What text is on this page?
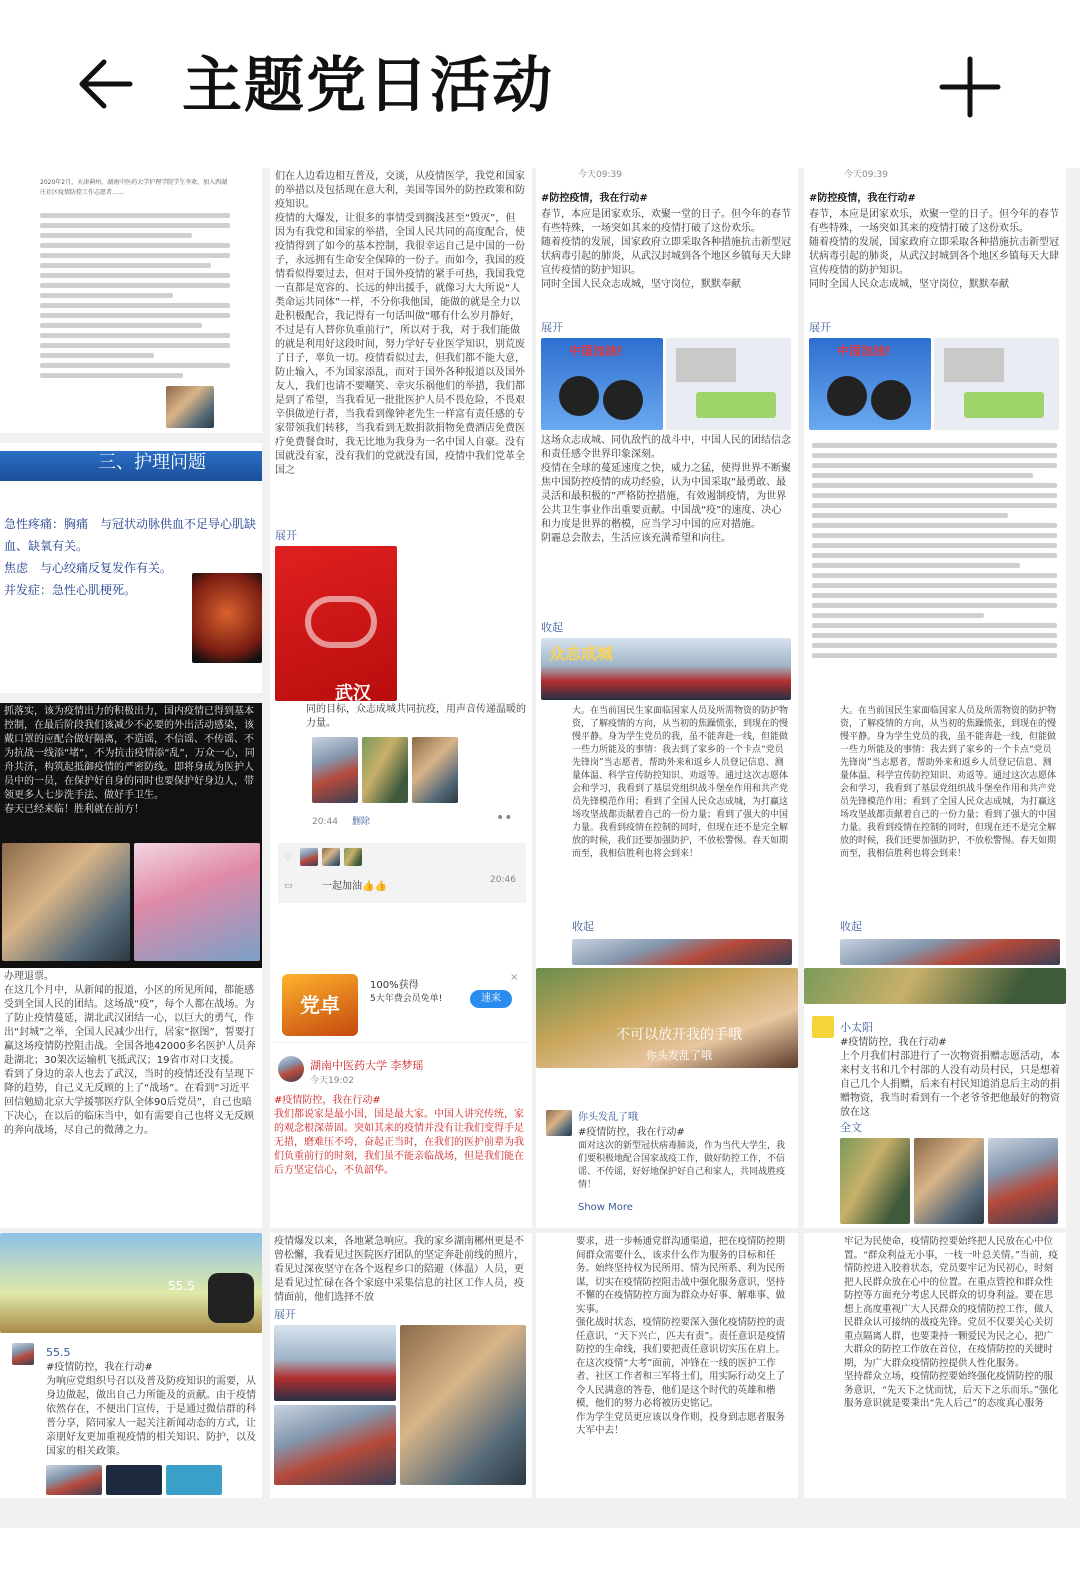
主题党日活动
2020年2月，天津蓟州，湖南中医药大学护理学院学生李欢，加入西湖庄社区疫情防控工作志愿者……
们在人边看边相互普及，交谈，从疫情医学，我党和国家的举措以及包括现在意大利，美国等国外的防控政策和防疫知识。
疫情的大爆发，让很多的事情受到搁浅甚至“毁灭”，但因为有我党和国家的举措，全国人民共同的高度配合，使疫情得到了如今的基本控制，我很幸运自己是中国的一份子，永远拥有生命安全保障的一份子。而如今，我国的疫情看似得要过去，但对于国外疫情的紧手可热，我国我党一直都是宽容的、长远的伸出援手，就像习大大所说“人类命运共同体”一样，不分你我他国，能做的就是全力以赴积极配合，我记得有一句话叫做“哪有什么岁月静好，不过是有人替你负重前行”，所以对于我，对于我们能做的就是利用好这段时间，努力学好专业医学知识，别荒废了日子，辜负一切。疫情看似过去，但我们都不能大意，防止输入，不为国家添乱，而对于国外各种报道以及国外友人，我们也请不要嘲笑、幸灾乐祸他们的举措，我们都是到了希望，当我看见一批批医护人员不畏危险，不畏艰辛俱做逆行者，当我看到像钟老先生一样富有责任感的专家带领我们转移，当我看到无数捐款捐物免费酒店免费医疗免费餐食时，我无比地为我身为一名中国人自豪。没有国就没有家，没有我们的党就没有国，疫情中我们党革全国之
展开
武汉
今天09:39
#防控疫情，我在行动#
春节，本应是团家欢乐，欢聚一堂的日子。但今年的春节有些特殊，一场突如其来的疫情打破了这份欢乐。
随着疫情的发展，国家政府立即采取各种措施抗击新型冠状病毒引起的肺炎，从武汉封城到各个地区乡镇每天大肆宣传疫情的防护知识。
同时全国人民众志成城，坚守岗位，默默奉献
展开
中国加油!
这场众志成城、同仇敌忾的战斗中，中国人民的团结信念和责任感令世界印象深刻。
疫情在全球的蔓延速度之快，威力之猛，使得世界不断聚焦中国防控疫情的成功经验，认为中国采取“最勇敢、最灵活和最积极的”严格防控措施，有效遏制疫情，为世界公共卫生事业作出重要贡献。中国战“疫”的速度、决心和力度是世界的楷模，应当学习中国的应对措施。
阴霾总会散去，生活应该充满希望和向往。
收起
众志成城
今天09:39
#防控疫情，我在行动#
春节，本应是团家欢乐，欢聚一堂的日子。但今年的春节有些特殊，一场突如其来的疫情打破了这份欢乐。
随着疫情的发展，国家政府立即采取各种措施抗击新型冠状病毒引起的肺炎，从武汉封城到各个地区乡镇每天大肆宣传疫情的防护知识。
同时全国人民众志成城，坚守岗位，默默奉献
展开
中国加油!
三、护理问题
急性疼痛：胸痛　与冠状动脉供血不足导心肌缺血、缺氧有关。
焦虑　与心绞痛反复发作有关。
并发症：急性心肌梗死。
抓落实，该为疫情出力的积极出力，国内疫情已得到基本控制，在最后阶段我们该减少不必要的外出活动感染，该戴口罩的应配合做好隔离，不造谣，不信谣、不传谣、不为抗战一线添“堵”，不为抗击疫情添“乱”，万众一心，同舟共济，构筑起抵御疫情的严密防线。即将身成为医护人员中的一员，在保护好自身的同时也要保护好身边人，带领更多人七步洗手法、做好手卫生。
春天已经来临！胜利就在前方！
同的目标，众志成城共同抗疫，用声音传递温暖的力量。
20:44 删除	••
♡
▭	一起加油👍👍
20:46
大。在当前国民生家面临国家人员及所需物资的防护物资，了解疫情的方向，从当初的焦躁慌张，到现在的慢慢平静。身为学生党员的我，虽不能奔赴一线，但能做一些力所能及的事情：我去到了家乡的一个卡点“党员先锋岗”当志愿者，帮助外来和返乡人员登记信息、测量体温、科学宣传防控知识、劝返等。通过这次志愿体会和学习，我看到了基层党组织战斗堡垒作用和共产党员先锋模范作用；看到了全国人民众志成城，为打赢这场攻坚战都贡献着自己的一份力量；看到了强大的中国力量。我看到疫情在控制的同时，但现在还不是完全解放的时候，我们还要加强防护，不放松警惕。春天如期而至，我相信胜利也将会到来！
收起
大。在当前国民生家面临国家人员及所需物资的防护物资，了解疫情的方向，从当初的焦躁慌张，到现在的慢慢平静。身为学生党员的我，虽不能奔赴一线，但能做一些力所能及的事情：我去到了家乡的一个卡点“党员先锋岗”当志愿者，帮助外来和返乡人员登记信息、测量体温、科学宣传防控知识、劝返等。通过这次志愿体会和学习，我看到了基层党组织战斗堡垒作用和共产党员先锋模范作用；看到了全国人民众志成城，为打赢这场攻坚战都贡献着自己的一份力量；看到了强大的中国力量。我看到疫情在控制的同时，但现在还不是完全解放的时候，我们还要加强防护，不放松警惕。春天如期而至，我相信胜利也将会到来！
收起
办理退票。
在这几个月中，从新闻的报道，小区的所见所闻，都能感受到全国人民的团结。这场战“疫”，每个人都在战场。为了防止疫情蔓延，湖北武汉团结一心，以巨大的勇气，作出“封城”之举，全国人民减少出行，居家“抠图”，誓要打赢这场疫情防控阻击战。全国各地42000多名医护人员奔赴湖北；30架次运输机飞抵武汉；19省市对口支援。
看到了身边的亲人也去了武汉，当时的疫情还没有呈现下降的趋势，自己义无反顾的上了“战场”。在看到“习近平回信勉励北京大学援鄂医疗队全体90后党员”，自己也暗下决心，在以后的临床当中，如有需要自己也将义无反顾的奔向战场，尽自己的微薄之力。
党卓
100%获得
5大年费会员免单!	速来
×
湖南中医药大学 李梦瑶
今天19:02
#疫情防控，我在行动#
我们都说家是最小国，国是最大家。中国人讲究传统，家的观念根深蒂固。突如其来的疫情并没有让我们变得手足无措，磨难压不垮，奋起正当时，在我们的医护前辈为我们负重前行的时刻，我们虽不能亲临战场，但是我们能在后方坚定信心，不负韶华。
不可以放开我的手哦
你头发乱了哦
你头发乱了哦
#疫情防控，我在行动#
面对这次的新型冠状病毒肺炎，作为当代大学生，我们要积极地配合国家战疫工作，做好防控工作，不信谣、不传谣，好好地保护好自己和家人，共同战胜疫情！
Show More
小太阳
#疫情防控，我在行动#
上个月我们村部进行了一次物资捐赠志愿活动，本来村支书和几个村部的人没有动员村民，只是想着自己几个人捐赠，后来有村民知道消息后主动的捐赠物资，我当时看到有一个老爷爷把他最好的物资放在这
全文
55.5
55.5
#疫情防控，我在行动#
为响应党组织号召以及普及防疫知识的需要，从身边做起，做出自己力所能及的贡献。由于疫情依然存在，不便出门宣传，于是通过微信群的科普分享，陪同家人一起关注新闻动态的方式，让亲朋好友更加重视疫情的相关知识、防护，以及国家的相关政策。
疫情爆发以来，各地紧急响应。我的家乡湖南郴州更是不曾松懈，我看见过医院医疗团队的坚定奔赴前线的照片，看见过深夜坚守在各个返程乡口的陪避（体温）人员，更是看见过忙碌在各个家庭中采集信息的社区工作人员，疫情面前，他们选择不放
展开
要求，进一步畅通党群沟通渠道，把在疫情防控期间群众需要什么，该求什么作为服务的目标和任务。始终坚持权为民所用、情为民所系、利为民所谋，切实在疫情防控阻击战中强化服务意识，坚持不懈的在疫情防控方面为群众办好事、解难事、做实事。
强化战时状态，疫情防控要深入强化疫情防控的责任意识，“天下兴亡，匹夫有责”。责任意识是疫情防控的生命线，我们要把责任意识切实压在肩上。在这次疫情“大考”面前，冲锋在一线的医护工作者、社区工作者和三军将士们，用实际行动交上了令人民满意的答卷，他们是这个时代的英雄和楷模，他们的努力必将被历史铭记。
作为学生党员更应该以身作则，投身到志愿者服务大军中去！
牢记为民使命，疫情防控要始终把人民放在心中位置。“群众利益无小事，一枝一叶总关情。”当前，疫情防控进入胶着状态，党员要牢记为民初心，时刻把人民群众放在心中的位置。在重点管控和群众性防控等方面充分考虑人民群众的切身利益。要在思想上高度重视广大人民群众的疫情防控工作，做人民群众认可接纳的战疫先锋。党员不仅要关心关切重点隔离人群，也要秉持一颗爱民为民之心，把广大群众的防控工作放在首位，在疫情防控的关键时期，为广大群众疫情防控提供人性化服务。
坚持群众立场，疫情防控要始终强化疫情防控的服务意识，“先天下之忧而忧，后天下之乐而乐。”强化服务意识就是要秉出“先人后己”的态度真心服务
